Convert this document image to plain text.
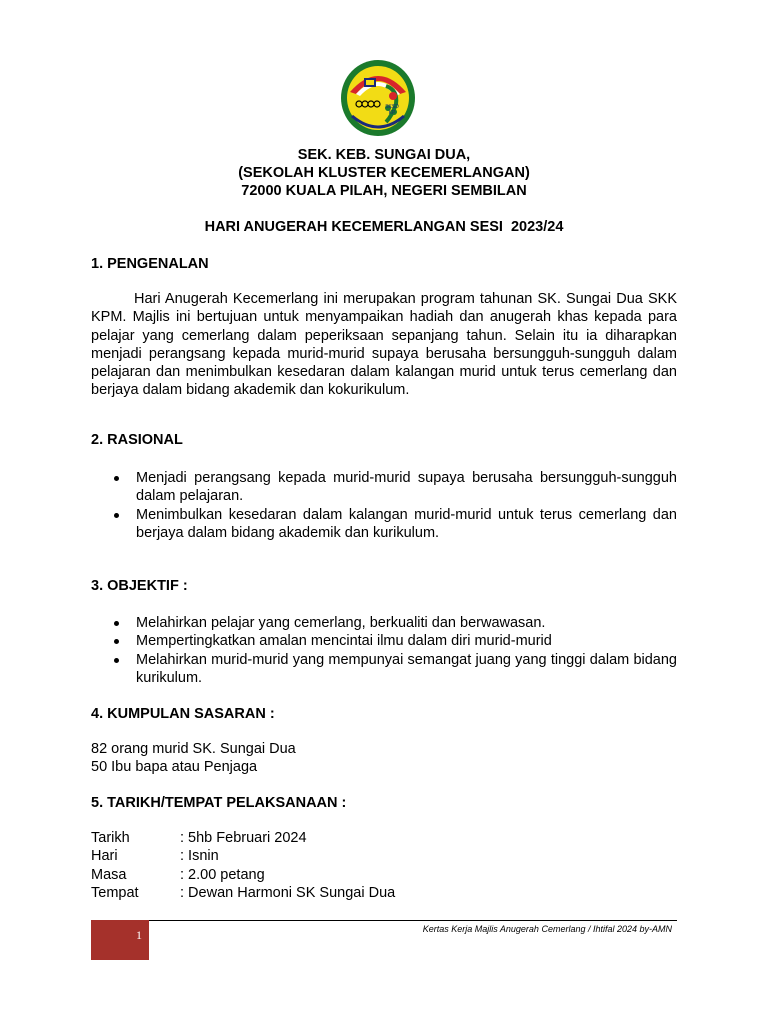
SKSD KP
SEK. KEB. SUNGAI DUA,
(SEKOLAH KLUSTER KECEMERLANGAN)
72000 KUALA PILAH, NEGERI SEMBILAN
HARI ANUGERAH KECEMERLANGAN SESI  2023/24
1. PENGENALAN

Hari Anugerah Kecemerlang ini merupakan program tahunan SK. Sungai Dua SKK KPM. Majlis ini bertujuan untuk menyampaikan hadiah dan anugerah khas kepada para pelajar yang cemerlang dalam peperiksaan sepanjang tahun. Selain itu ia diharapkan menjadi perangsang kepada murid-murid supaya berusaha bersungguh-sungguh dalam pelajaran dan menimbulkan kesedaran dalam kalangan murid untuk terus cemerlang dan berjaya dalam bidang akademik dan kokurikulum.

2. RASIONAL
Menjadi perangsang kepada murid-murid supaya berusaha bersungguh-sungguh dalam pelajaran.
Menimbulkan kesedaran dalam kalangan murid-murid untuk terus cemerlang dan berjaya dalam bidang akademik dan kurikulum.
3. OBJEKTIF :
Melahirkan pelajar yang cemerlang, berkualiti dan berwawasan.
Mempertingkatkan amalan mencintai ilmu dalam diri murid-murid
Melahirkan murid-murid yang mempunyai semangat juang yang tinggi dalam bidang kurikulum.
4. KUMPULAN SASARAN :
82 orang murid SK. Sungai Dua
50 Ibu bapa atau Penjaga
5. TARIKH/TEMPAT PELAKSANAAN :
Tarikh	: 5hb Februari 2024
Hari	: Isnin
Masa	: 2.00 petang
Tempat	: Dewan Harmoni SK Sungai Dua
1	Kertas Kerja Majlis Anugerah Cemerlang / Ihtifal 2024 by-AMN
